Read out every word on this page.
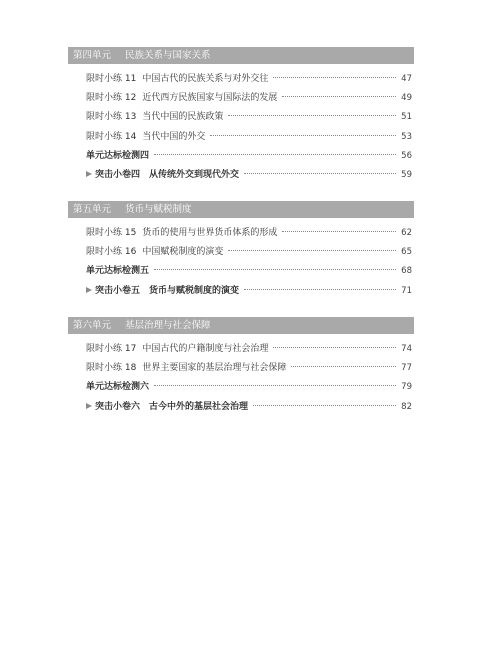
第四单元 民族关系与国家关系
限时小练 11 中国古代的民族关系与对外交往	47
限时小练 12 近代西方民族国家与国际法的发展	49
限时小练 13 当代中国的民族政策	51
限时小练 14 当代中国的外交	53
单元达标检测四	56
突击小卷四 从传统外交到现代外交	59
第五单元 货币与赋税制度
限时小练 15 货币的使用与世界货币体系的形成	62
限时小练 16 中国赋税制度的演变	65
单元达标检测五	68
突击小卷五 货币与赋税制度的演变	71
第六单元 基层治理与社会保障
限时小练 17 中国古代的户籍制度与社会治理	74
限时小练 18 世界主要国家的基层治理与社会保障	77
单元达标检测六	79
突击小卷六 古今中外的基层社会治理	82
